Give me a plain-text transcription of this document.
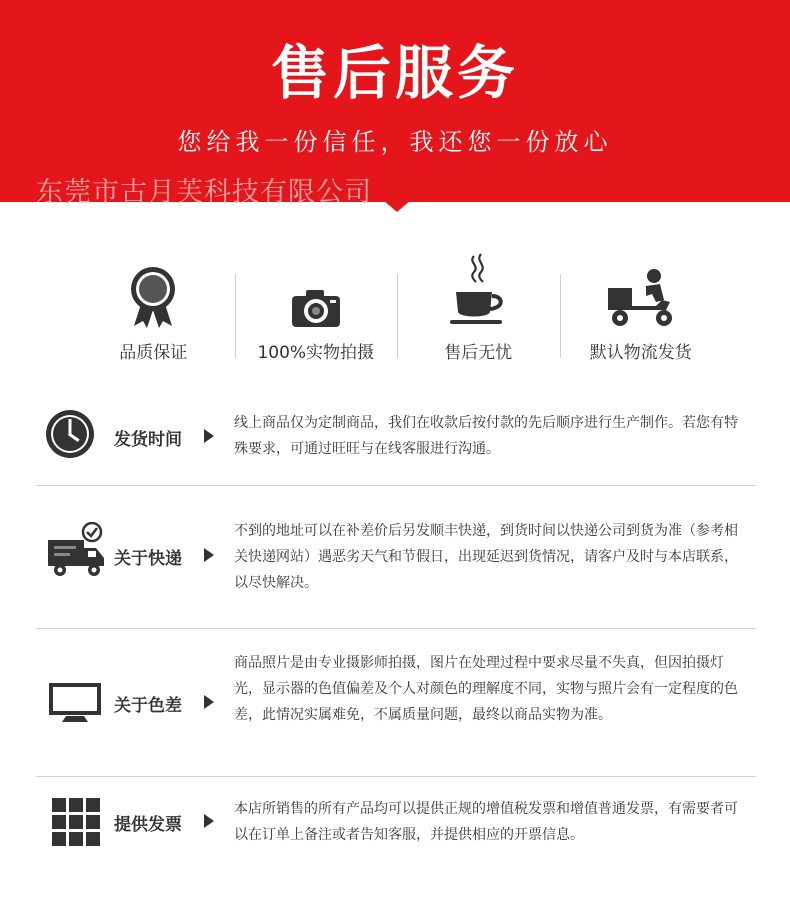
售后服务
您给我一份信任，我还您一份放心
东莞市古月芙科技有限公司
品质保证	100%实物拍摄	售后无忧	默认物流发货
发货时间
线上商品仅为定制商品，我们在收款后按付款的先后顺序进行生产制作。若您有特殊要求，可通过旺旺与在线客服进行沟通。
关于快递
不到的地址可以在补差价后另发顺丰快递，到货时间以快递公司到货为准（参考相关快递网站）遇恶劣天气和节假日，出现延迟到货情况，请客户及时与本店联系，以尽快解决。
关于色差
商品照片是由专业摄影师拍摄，图片在处理过程中要求尽量不失真，但因拍摄灯光，显示器的色值偏差及个人对颜色的理解度不同，实物与照片会有一定程度的色差，此情况实属难免，不属质量问题，最终以商品实物为准。
提供发票
本店所销售的所有产品均可以提供正规的增值税发票和增值普通发票，有需要者可以在订单上备注或者告知客服，并提供相应的开票信息。
